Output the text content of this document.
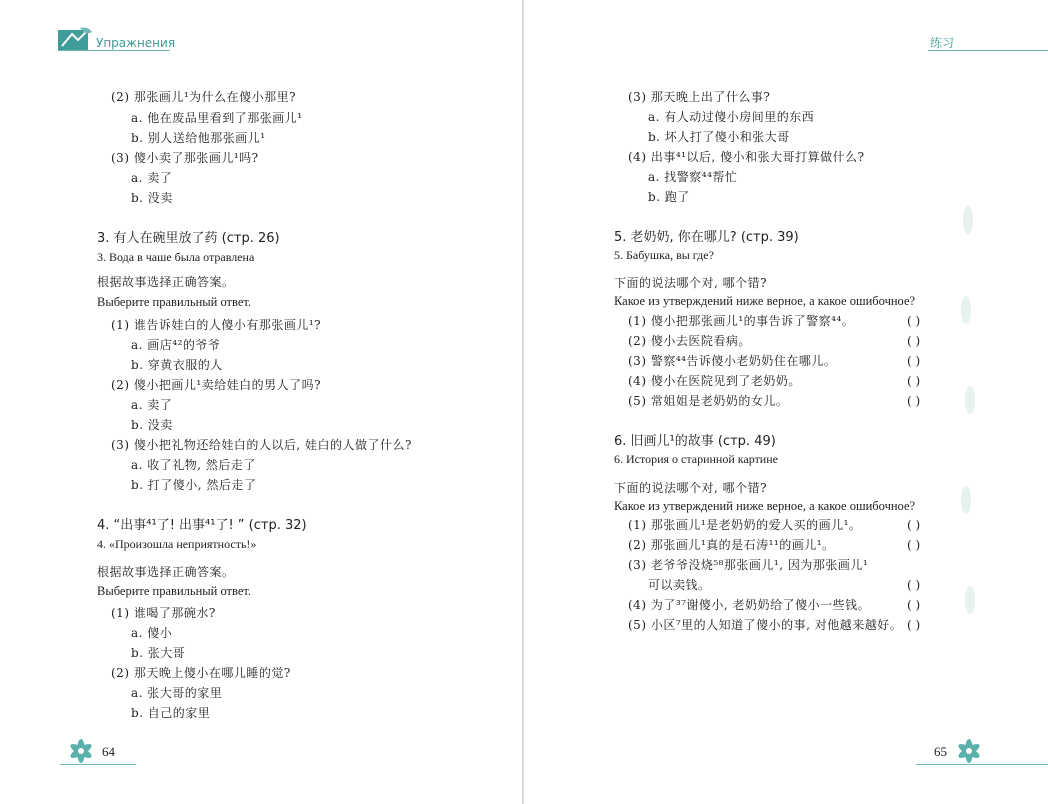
Упражнения
(2) 那张画儿¹为什么在傻小那里?
a. 他在废品里看到了那张画儿¹
b. 别人送给他那张画儿¹
(3) 傻小卖了那张画儿¹吗?
a. 卖了
b. 没卖
3. 有人在碗里放了药 (стр. 26)
3. Вода в чаше была отравлена
根据故事选择正确答案。
Выберите правильный ответ.
(1) 谁告诉娃白的人傻小有那张画儿¹?
a. 画店⁴²的爷爷
b. 穿黄衣服的人
(2) 傻小把画儿¹卖给娃白的男人了吗?
a. 卖了
b. 没卖
(3) 傻小把礼物还给娃白的人以后, 娃白的人做了什么?
a. 收了礼物, 然后走了
b. 打了傻小, 然后走了
4. “出事⁴¹了! 出事⁴¹了! ” (стр. 32)
4. «Произошла неприятность!»
根据故事选择正确答案。
Выберите правильный ответ.
(1) 谁喝了那碗水?
a. 傻小
b. 张大哥
(2) 那天晚上傻小在哪儿睡的觉?
a. 张大哥的家里
b. 自己的家里
64
练习
(3) 那天晚上出了什么事?
a. 有人动过傻小房间里的东西
b. 坏人打了傻小和张大哥
(4) 出事⁴¹以后, 傻小和张大哥打算做什么?
a. 找警察⁴⁴帮忙
b. 跑了
5. 老奶奶, 你在哪儿? (стр. 39)
5. Бабушка, вы где?
下面的说法哪个对, 哪个错?
Какое из утверждений ниже верное, а какое ошибочное?
(1) 傻小把那张画儿¹的事告诉了警察⁴⁴。	( )
(2) 傻小去医院看病。	( )
(3) 警察⁴⁴告诉傻小老奶奶住在哪儿。	( )
(4) 傻小在医院见到了老奶奶。	( )
(5) 常姐姐是老奶奶的女儿。	( )
6. 旧画儿¹的故事 (стр. 49)
6. История о старинной картине
下面的说法哪个对, 哪个错?
Какое из утверждений ниже верное, а какое ошибочное?
(1) 那张画儿¹是老奶奶的爱人买的画儿¹。	( )
(2) 那张画儿¹真的是石涛¹¹的画儿¹。	( )
(3) 老爷爷没烧⁵⁸那张画儿¹, 因为那张画儿¹
可以卖钱。	( )
(4) 为了³⁷谢傻小, 老奶奶给了傻小一些钱。	( )
(5) 小区⁷里的人知道了傻小的事, 对他越来越好。 ( )
65
